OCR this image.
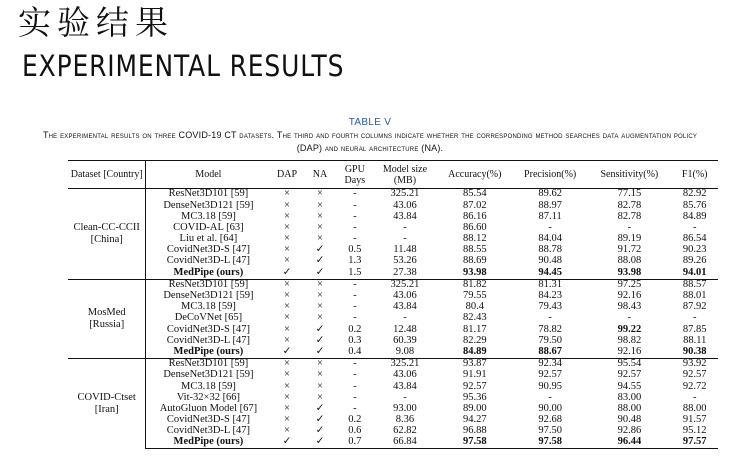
实验结果
EXPERIMENTAL RESULTS
TABLE V
The experimental results on three COVID-19 CT datasets. The third and fourth columns indicate whether the corresponding method searches data augmentation policy (DAP) and neural architecture (NA).
Dataset [Country]	Model	DAP	NA	GPU Days	Model size (MB)	Accuracy(%)	Precision(%)	Sensitivity(%)	F1(%)

Clean-CC-CCII
[China]	ResNet3D101 [59]	×	×	-	325.21	85.54	89.62	77.15	82.92
	DenseNet3D121 [59]	×	×	-	43.06	87.02	88.97	82.78	85.76
	MC3.18 [59]	×	×	-	43.84	86.16	87.11	82.78	84.89
	COVID-AL [63]	×	×	-	-	86.60	-	-	-
	Liu et al. [64]	×	×	-	-	88.12	84.04	89.19	86.54
	CovidNet3D-S [47]	×	✓	0.5	11.48	88.55	88.78	91.72	90.23
	CovidNet3D-L [47]	×	✓	1.3	53.26	88.69	90.48	88.08	89.26
	MedPipe (ours)	✓	✓	1.5	27.38	93.98	94.45	93.98	94.01

MosMed
[Russia]	ResNet3D101 [59]	×	×	-	325.21	81.82	81.31	97.25	88.57
	DenseNet3D121 [59]	×	×	-	43.06	79.55	84.23	92.16	88.01
	MC3.18 [59]	×	×	-	43.84	80.4	79.43	98.43	87.92
	DeCoVNet [65]	×	×	-	-	82.43	-	-	-
	CovidNet3D-S [47]	×	✓	0.2	12.48	81.17	78.82	99.22	87.85
	CovidNet3D-L [47]	×	✓	0.3	60.39	82.29	79.50	98.82	88.11
	MedPipe (ours)	✓	✓	0.4	9.08	84.89	88.67	92.16	90.38

COVID-Ctset
[Iran]	ResNet3D101 [59]	×	×	-	325.21	93.87	92.34	95.54	93.92
	DenseNet3D121 [59]	×	×	-	43.06	91.91	92.57	92.57	92.57
	MC3.18 [59]	×	×	-	43.84	92.57	90.95	94.55	92.72
	Vit-32×32 [66]	×	×	-	-	95.36	-	83.00	-
	AutoGluon Model [67]	×	✓	-	93.00	89.00	90.00	88.00	88.00
	CovidNet3D-S [47]	×	✓	0.2	8.36	94.27	92.68	90.48	91.57
	CovidNet3D-L [47]	×	✓	0.6	62.82	96.88	97.50	92.86	95.12
	MedPipe (ours)	✓	✓	0.7	66.84	97.58	97.58	96.44	97.57
